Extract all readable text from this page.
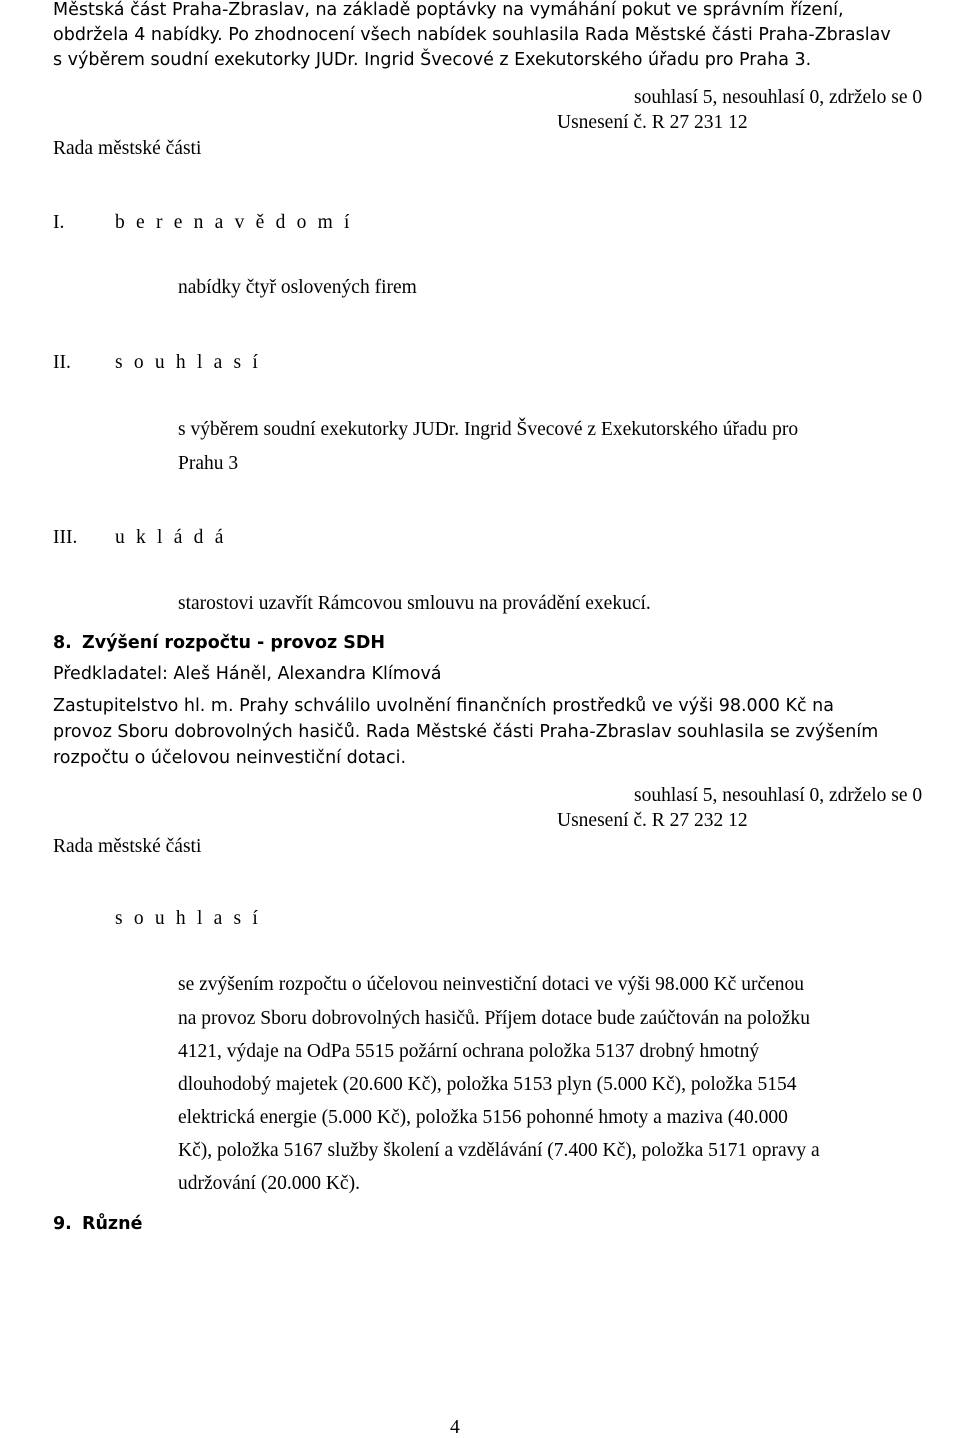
Městská část Praha-Zbraslav, na základě poptávky na vymáhání pokut ve správním řízení,
obdržela 4 nabídky. Po zhodnocení všech nabídek souhlasila Rada Městské části Praha-Zbraslav
s výběrem soudní exekutorky JUDr. Ingrid Švecové z Exekutorského úřadu pro Praha 3.
souhlasí 5, nesouhlasí 0, zdrželo se 0
Usnesení č. R 27 231 12
Rada městské části
I.	b e r e n a v ě d o m í
nabídky čtyř oslovených firem
II. s o u h l a s í
s výběrem soudní exekutorky JUDr. Ingrid Švecové z Exekutorského úřadu pro
Prahu 3
III. u k l á d á
starostovi uzavřít Rámcovou smlouvu na provádění exekucí.
8. Zvýšení rozpočtu - provoz SDH
Předkladatel: Aleš Háněl, Alexandra Klímová
Zastupitelstvo hl. m. Prahy schválilo uvolnění finančních prostředků ve výši 98.000 Kč na
provoz Sboru dobrovolných hasičů. Rada Městské části Praha-Zbraslav souhlasila se zvýšením
rozpočtu o účelovou neinvestiční dotaci.
souhlasí 5, nesouhlasí 0, zdrželo se 0
Usnesení č. R 27 232 12
Rada městské části
s o u h l a s í
se zvýšením rozpočtu o účelovou neinvestiční dotaci ve výši 98.000 Kč určenou
na provoz Sboru dobrovolných hasičů. Příjem dotace bude zaúčtován na položku
4121, výdaje na OdPa 5515 požární ochrana položka 5137 drobný hmotný
dlouhodobý majetek (20.600 Kč), položka 5153 plyn (5.000 Kč), položka 5154
elektrická energie (5.000 Kč), položka 5156 pohonné hmoty a maziva (40.000
Kč), položka 5167 služby školení a vzdělávání (7.400 Kč), položka 5171 opravy a
udržování (20.000 Kč).
9. Různé
4
